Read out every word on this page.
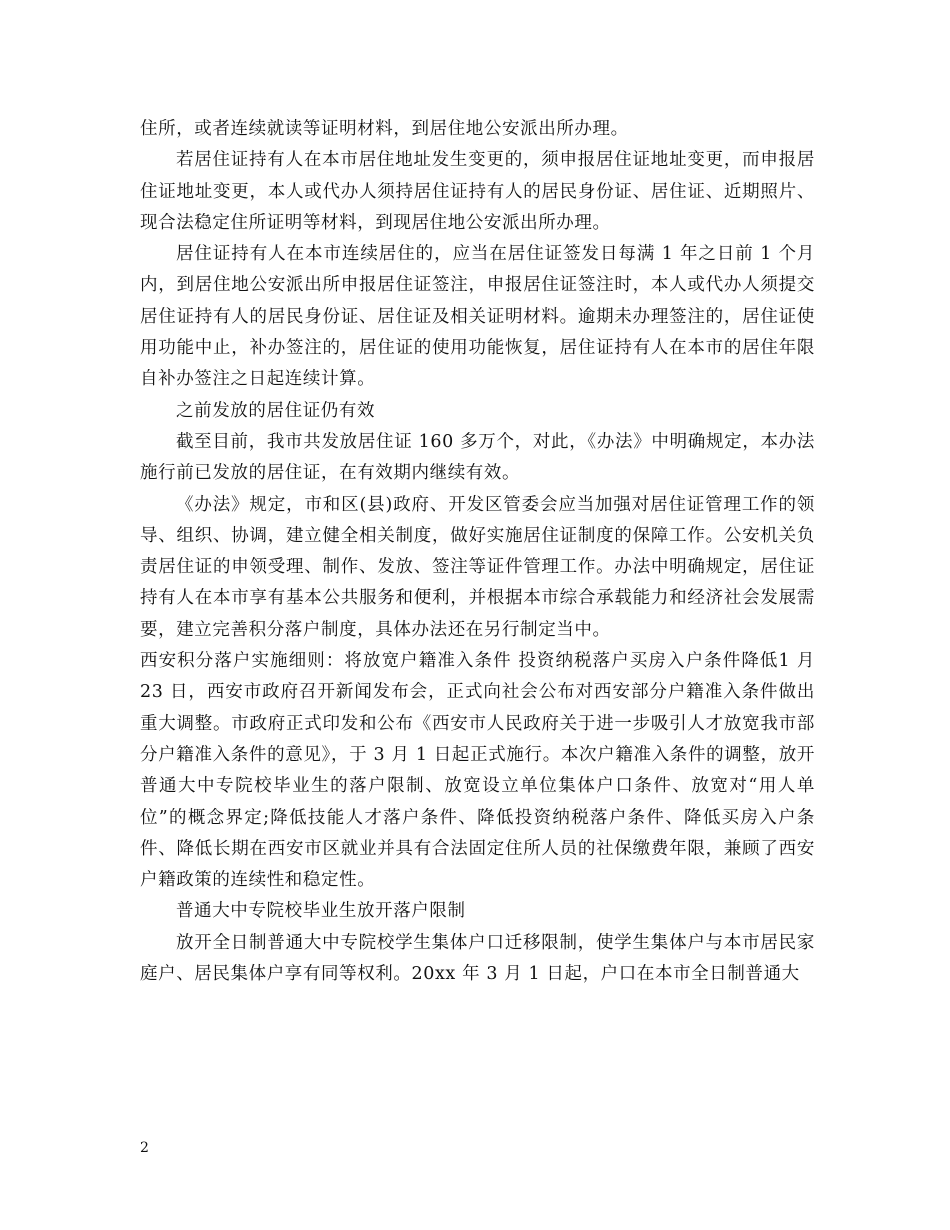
住所，或者连续就读等证明材料，到居住地公安派出所办理。

若居住证持有人在本市居住地址发生变更的，须申报居住证地址变更，而申报居住证地址变更，本人或代办人须持居住证持有人的居民身份证、居住证、近期照片、现合法稳定住所证明等材料，到现居住地公安派出所办理。

居住证持有人在本市连续居住的，应当在居住证签发日每满 1 年之日前 1 个月内，到居住地公安派出所申报居住证签注，申报居住证签注时，本人或代办人须提交居住证持有人的居民身份证、居住证及相关证明材料。逾期未办理签注的，居住证使用功能中止，补办签注的，居住证的使用功能恢复，居住证持有人在本市的居住年限自补办签注之日起连续计算。

之前发放的居住证仍有效

截至目前，我市共发放居住证 160 多万个，对此，《办法》中明确规定，本办法施行前已发放的居住证，在有效期内继续有效。

《办法》规定，市和区(县)政府、开发区管委会应当加强对居住证管理工作的领导、组织、协调，建立健全相关制度，做好实施居住证制度的保障工作。公安机关负责居住证的申领受理、制作、发放、签注等证件管理工作。办法中明确规定，居住证持有人在本市享有基本公共服务和便利，并根据本市综合承载能力和经济社会发展需要，建立完善积分落户制度，具体办法还在另行制定当中。

西安积分落户实施细则：将放宽户籍准入条件 投资纳税落户买房入户条件降低1 月 23 日，西安市政府召开新闻发布会，正式向社会公布对西安部分户籍准入条件做出重大调整。市政府正式印发和公布《西安市人民政府关于进一步吸引人才放宽我市部分户籍准入条件的意见》，于 3 月 1 日起正式施行。本次户籍准入条件的调整，放开普通大中专院校毕业生的落户限制、放宽设立单位集体户口条件、放宽对“用人单位”的概念界定;降低技能人才落户条件、降低投资纳税落户条件、降低买房入户条件、降低长期在西安市区就业并具有合法固定住所人员的社保缴费年限，兼顾了西安户籍政策的连续性和稳定性。

普通大中专院校毕业生放开落户限制

放开全日制普通大中专院校学生集体户口迁移限制，使学生集体户与本市居民家庭户、居民集体户享有同等权利。20xx 年 3 月 1 日起，户口在本市全日制普通大

2
